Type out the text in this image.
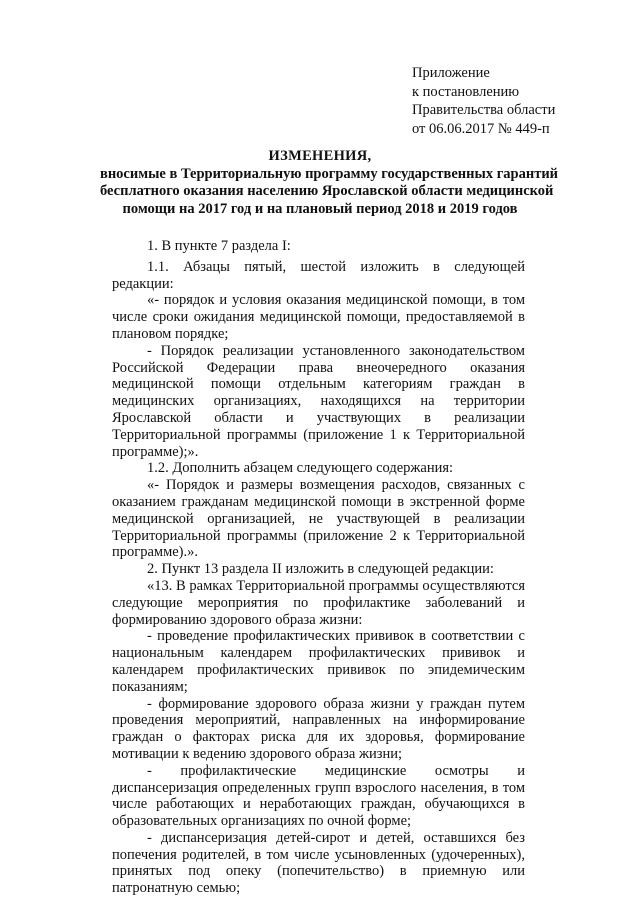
Приложение
к постановлению
Правительства области
от 06.06.2017 № 449-п
ИЗМЕНЕНИЯ,
вносимые в Территориальную программу государственных гарантий
бесплатного оказания населению Ярославской области медицинской
помощи на 2017 год и на плановый период 2018 и 2019 годов

1. В пункте 7 раздела I:

1.1. Абзацы пятый, шестой изложить в следующей редакции:

«- порядок и условия оказания медицинской помощи, в том числе сроки ожидания медицинской помощи, предоставляемой в плановом порядке;

- Порядок реализации установленного законодательством Российской Федерации права внеочередного оказания медицинской помощи отдельным категориям граждан в медицинских организациях, находящихся на территории Ярославской области и участвующих в реализации Территориальной программы (приложение 1 к Территориальной программе);».

1.2. Дополнить абзацем следующего содержания:

«- Порядок и размеры возмещения расходов, связанных с оказанием гражданам медицинской помощи в экстренной форме медицинской организацией, не участвующей в реализации Территориальной программы (приложение 2 к Территориальной программе).».

2. Пункт 13 раздела II изложить в следующей редакции:

«13. В рамках Территориальной программы осуществляются следующие мероприятия по профилактике заболеваний и формированию здорового образа жизни:

- проведение профилактических прививок в соответствии с национальным календарем профилактических прививок и календарем профилактических прививок по эпидемическим показаниям;

- формирование здорового образа жизни у граждан путем проведения мероприятий, направленных на информирование граждан о факторах риска для их здоровья, формирование мотивации к ведению здорового образа жизни;

- профилактические медицинские осмотры и диспансеризация определенных групп взрослого населения, в том числе работающих и неработающих граждан, обучающихся в образовательных организациях по очной форме;

- диспансеризация детей-сирот и детей, оставшихся без попечения родителей, в том числе усыновленных (удочеренных), принятых под опеку (попечительство) в приемную или патронатную семью;
